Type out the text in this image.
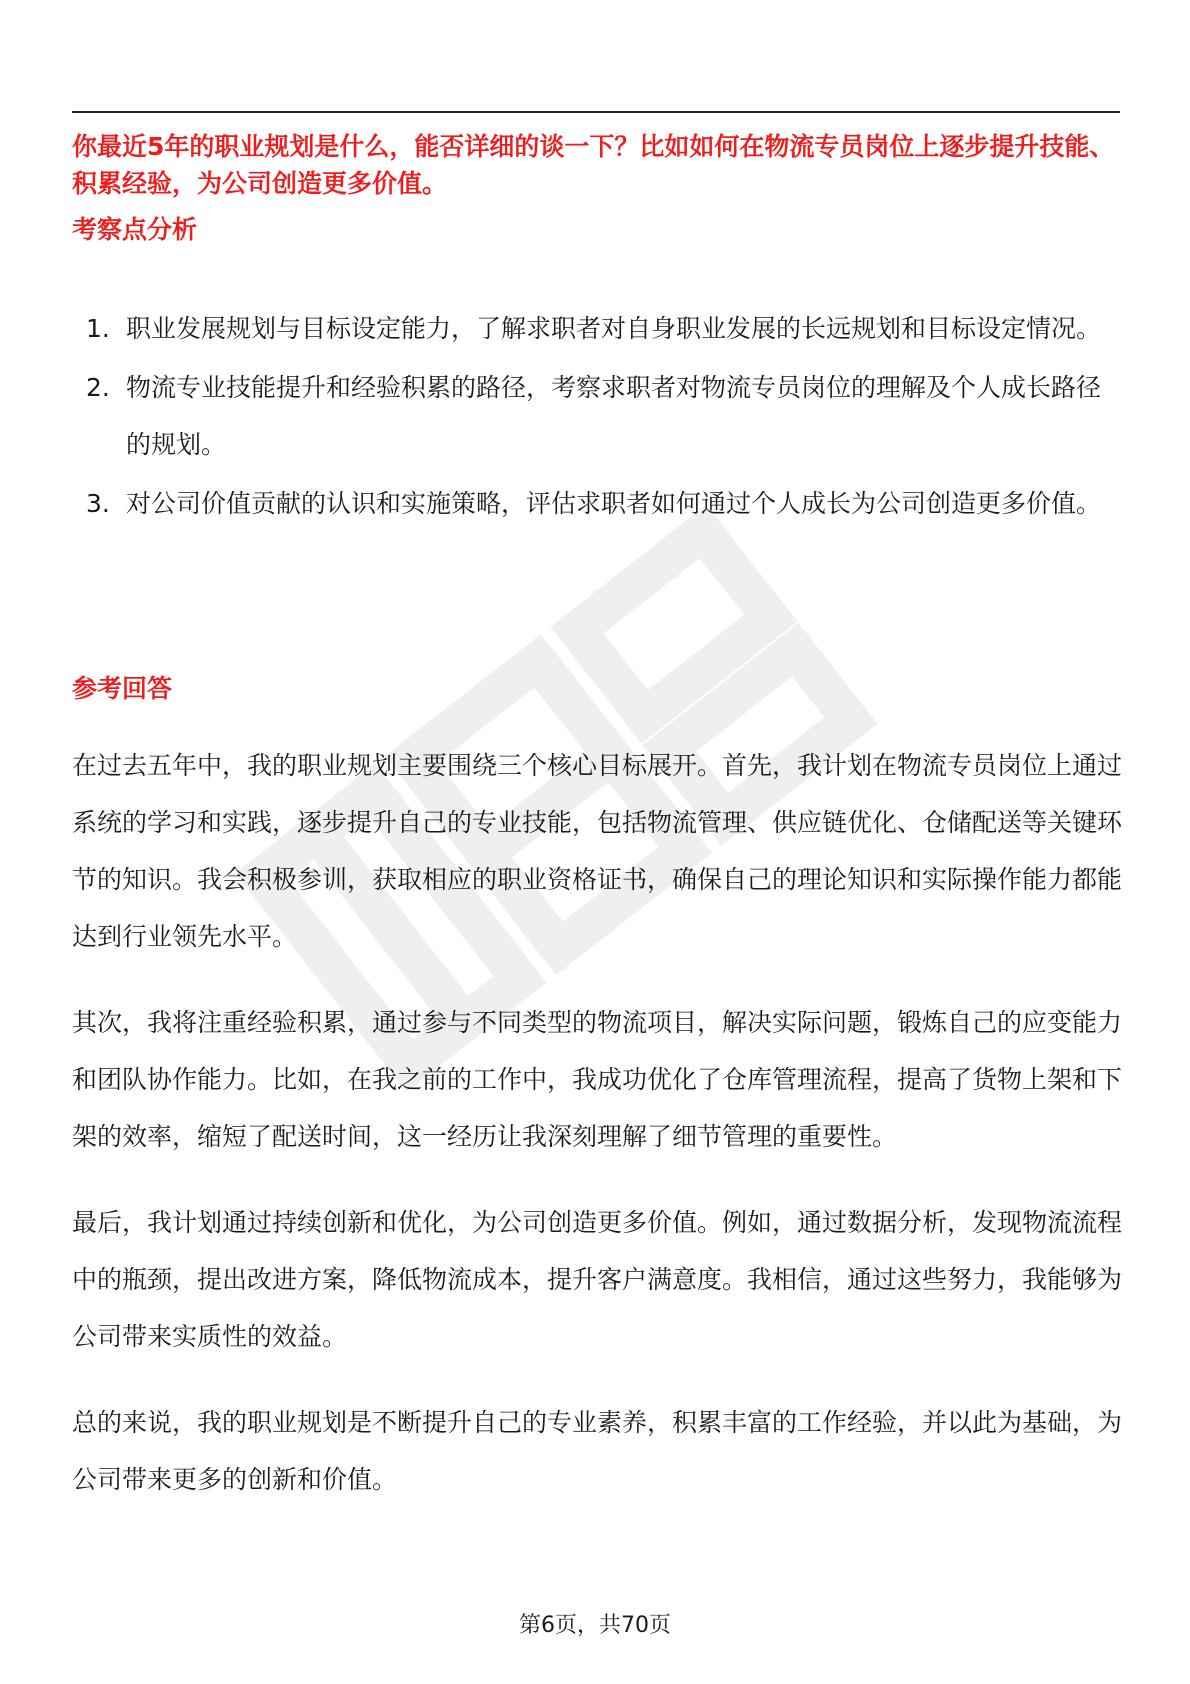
你最近5年的职业规划是什么，能否详细的谈一下？比如如何在物流专员岗位上逐步提升技能、积累经验，为公司创造更多价值。

考察点分析
1. 职业发展规划与目标设定能力，了解求职者对自身职业发展的长远规划和目标设定情况。
2. 物流专业技能提升和经验积累的路径，考察求职者对物流专员岗位的理解及个人成长路径的规划。
3. 对公司价值贡献的认识和实施策略，评估求职者如何通过个人成长为公司创造更多价值。
参考回答

在过去五年中，我的职业规划主要围绕三个核心目标展开。首先，我计划在物流专员岗位上通过系统的学习和实践，逐步提升自己的专业技能，包括物流管理、供应链优化、仓储配送等关键环节的知识。我会积极参训，获取相应的职业资格证书，确保自己的理论知识和实际操作能力都能达到行业领先水平。

其次，我将注重经验积累，通过参与不同类型的物流项目，解决实际问题，锻炼自己的应变能力和团队协作能力。比如，在我之前的工作中，我成功优化了仓库管理流程，提高了货物上架和下架的效率，缩短了配送时间，这一经历让我深刻理解了细节管理的重要性。

最后，我计划通过持续创新和优化，为公司创造更多价值。例如，通过数据分析，发现物流流程中的瓶颈，提出改进方案，降低物流成本，提升客户满意度。我相信，通过这些努力，我能够为公司带来实质性的效益。

总的来说，我的职业规划是不断提升自己的专业素养，积累丰富的工作经验，并以此为基础，为公司带来更多的创新和价值。

第6页，共70页
